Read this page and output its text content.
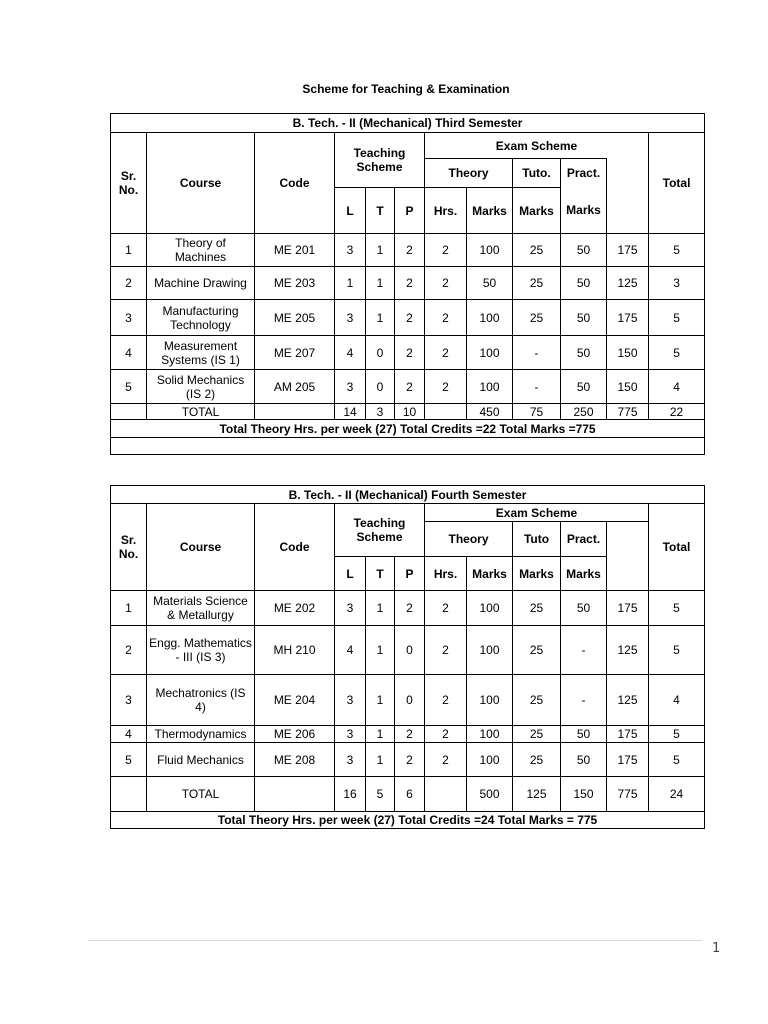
Scheme for Teaching & Examination
B. Tech. - II (Mechanical) Third Semester												
Sr. No.	Course	Code	Teaching Scheme			Exam Scheme					Total	
						Theory		Tuto.	Pract.			
			L	T	P	Hrs.	Marks	Marks	Marks			
1	Theory of Machines	ME 201	3	1	2	2	100	25	50	175	5	
2	Machine Drawing	ME 203	1	1	2	2	50	25	50	125	3	
3	Manufacturing Technology	ME 205	3	1	2	2	100	25	50	175	5	
4	Measurement Systems (IS 1)	ME 207	4	0	2	2	100	-	50	150	5	
5	Solid Mechanics (IS 2)	AM 205	3	0	2	2	100	-	50	150	4	
	TOTAL		14	3	10		450	75	250	775	22	
Total Theory Hrs. per week (27) Total Credits =22 Total Marks =775												

B. Tech. - II (Mechanical) Fourth Semester												
Sr. No.	Course	Code	Teaching Scheme			Exam Scheme					Total	
						Theory		Tuto	Pract.			
			L	T	P	Hrs.	Marks	Marks	Marks			
1	Materials Science & Metallurgy	ME 202	3	1	2	2	100	25	50	175	5	
2	Engg. Mathematics - III (IS 3)	MH 210	4	1	0	2	100	25	-	125	5	
3	Mechatronics (IS 4)	ME 204	3	1	0	2	100	25	-	125	4	
4	Thermodynamics	ME 206	3	1	2	2	100	25	50	175	5	
5	Fluid Mechanics	ME 208	3	1	2	2	100	25	50	175	5	
	TOTAL		16	5	6		500	125	150	775	24	
Total Theory Hrs. per week (27) Total Credits =24 Total Marks = 775												
1
